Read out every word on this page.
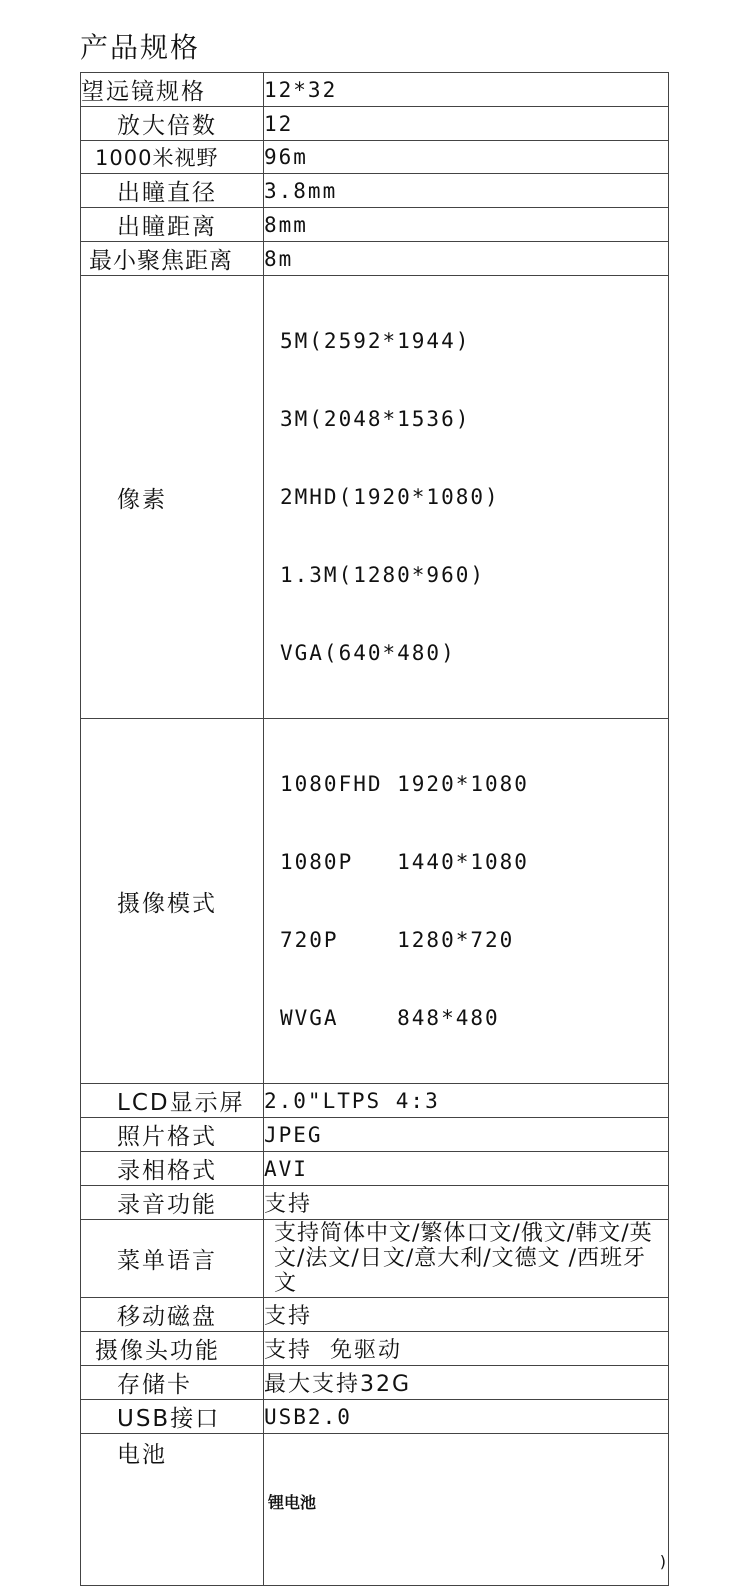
产品规格
望远镜规格	12*32
放大倍数	12
1000米视野	96m
出瞳直径	3.8mm
出瞳距离	8mm
最小聚焦距离	8m
像素	5M(2592*1944)

3M(2048*1536)

2MHD(1920*1080)

1.3M(1280*960)

VGA(640*480)

摄像模式	1080FHD 1920*1080

1080P   1440*1080

720P    1280*720

WVGA    848*480

LCD显示屏	2.0"LTPS 4:3
照片格式	JPEG
录相格式	AVI
录音功能	支持
菜单语言	支持简体中文/繁体口文/俄文/韩文/英文/法文/日文/意大利/文德文 /西班牙文
移动磁盘	支持
摄像头功能	支持  免驱动
存储卡	最大支持32G
USB接口	USB2.0
电池	锂电池

)
